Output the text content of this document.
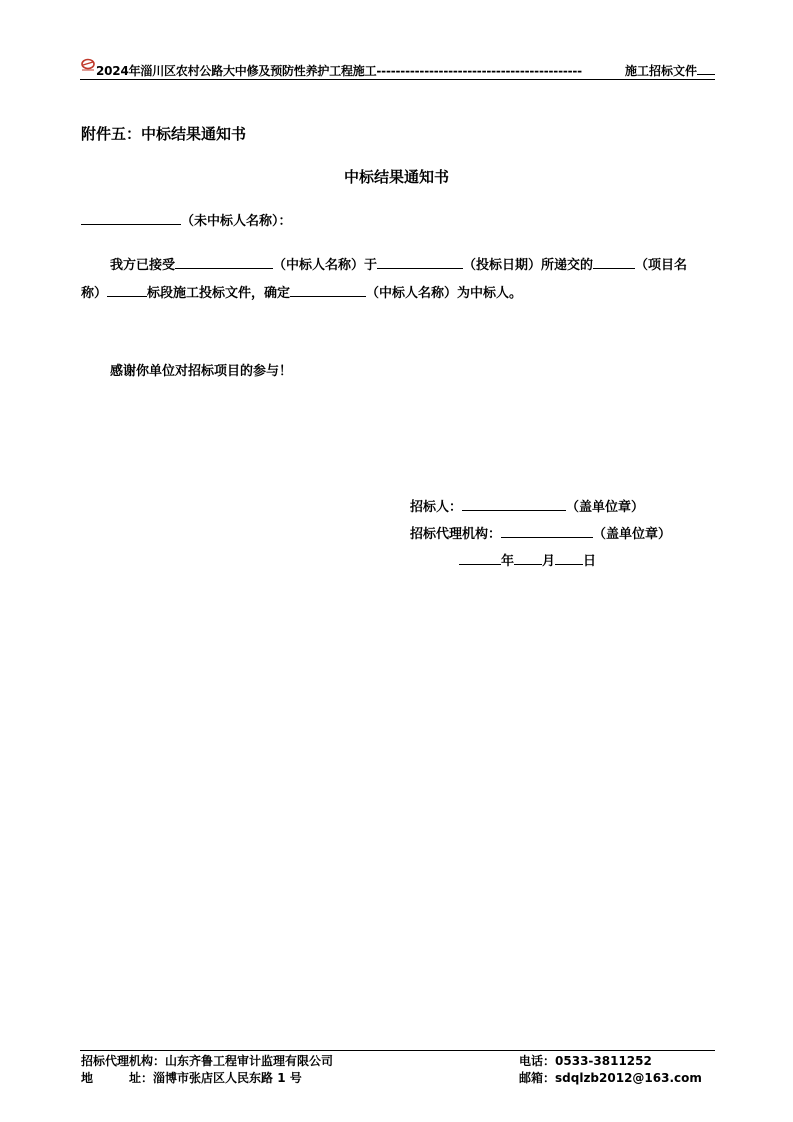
2024年淄川区农村公路大中修及预防性养护工程施工-------------------------------------------	施工招标文件
附件五：中标结果通知书
中标结果通知书
（未中标人名称）：
我方已接受	（中标人名称）于	（投标日期）所递交的	（项目名
称）	标段施工投标文件，确定	（中标人名称）为中标人。
感谢你单位对招标项目的参与！
招标人：	（盖单位章）
招标代理机构：	（盖单位章）
年 月 日
招标代理机构：山东齐鲁工程审计监理有限公司
地　　　址：淄博市张店区人民东路 1 号
电话：0533-3811252
邮箱：sdqlzb2012@163.com
